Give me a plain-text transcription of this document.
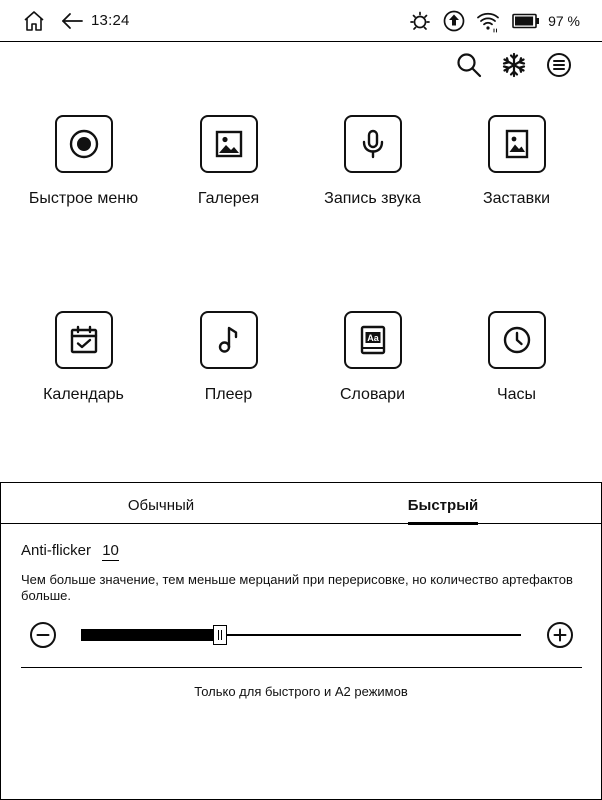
13:24	97 %
Быстрое меню	Галерея	Запись звука	Заставки
Календарь	Плеер
Aa
Словари	Часы
Обычный	Быстрый
Anti-flicker 10
Чем больше значение, тем меньше мерцаний при перерисовке, но количество артефактов больше.
Только для быстрого и A2 режимов
